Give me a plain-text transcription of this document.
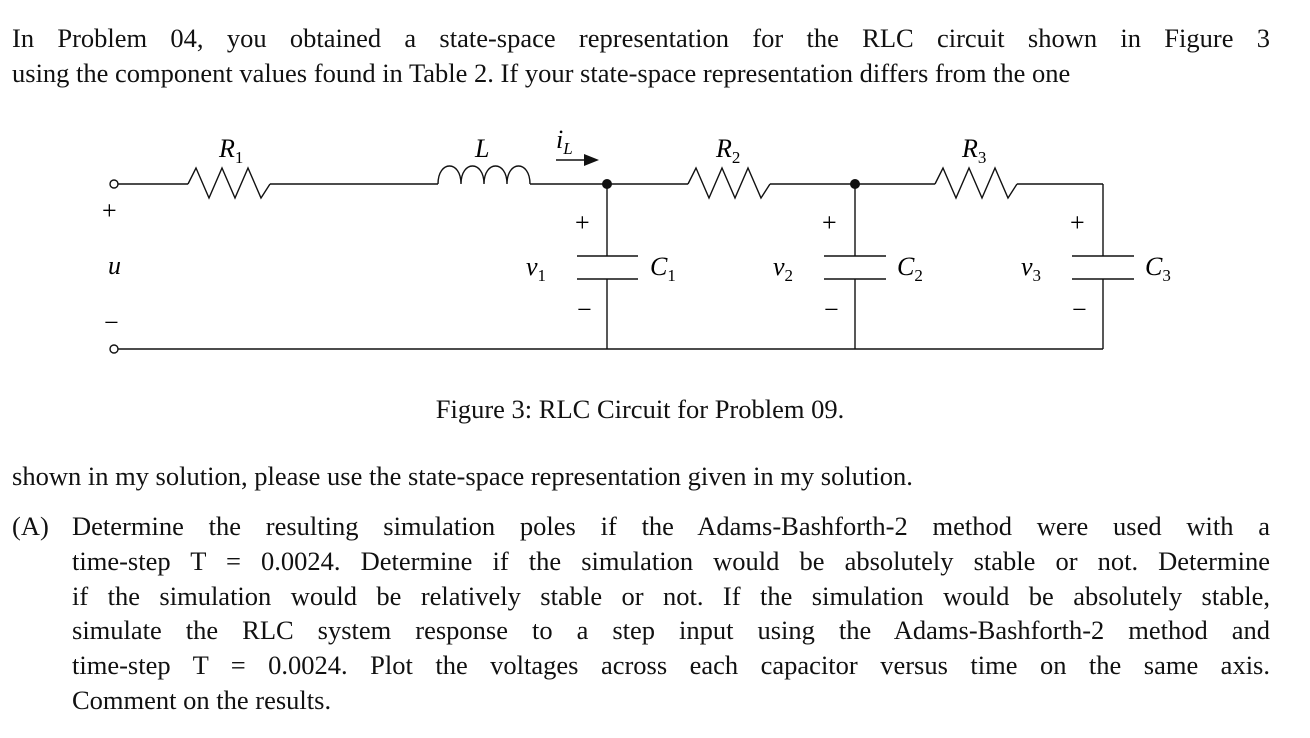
In Problem 04, you obtained a state-space representation for the RLC circuit shown in Figure 3
using the component values found in Table 2. If your state-space representation differs from the one
$R_1$	L	$i_L$	$R_2$	$R_3$
$C_1$	$C_2$	$C_3$
$v_1$	$v_2$	$v_3$
u
+
−
+
−
+
−
+
−
Figure 3: RLC Circuit for Problem 09.
shown in my solution, please use the state-space representation given in my solution.
(A) Determine the resulting simulation poles if the Adams-Bashforth-2 method were used with a
time-step T = 0.0024. Determine if the simulation would be absolutely stable or not. Determine
if the simulation would be relatively stable or not. If the simulation would be absolutely stable,
simulate the RLC system response to a step input using the Adams-Bashforth-2 method and
time-step T = 0.0024. Plot the voltages across each capacitor versus time on the same axis.
Comment on the results.
